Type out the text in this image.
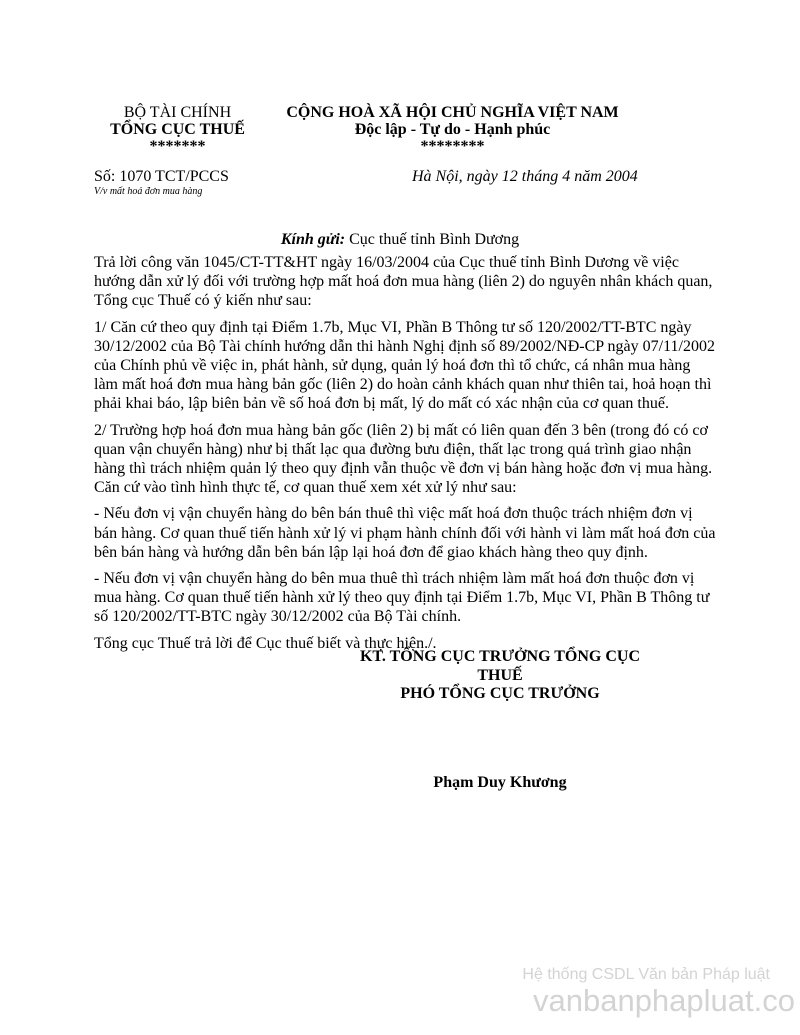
BỘ TÀI CHÍNH
TỔNG CỤC THUẾ
*******
CỘNG HOÀ XÃ HỘI CHỦ NGHĨA VIỆT NAM
Độc lập - Tự do - Hạnh phúc
********
Số: 1070 TCT/PCCS
V/v mất hoá đơn mua hàng
Hà Nội, ngày 12 tháng 4 năm 2004
Kính gửi: Cục thuế tỉnh Bình Dương

Trả lời công văn 1045/CT-TT&HT ngày 16/03/2004 của Cục thuế tỉnh Bình Dương về việc hướng dẫn xử lý đối với trường hợp mất hoá đơn mua hàng (liên 2) do nguyên nhân khách quan, Tổng cục Thuế có ý kiến như sau:

1/ Căn cứ theo quy định tại Điểm 1.7b, Mục VI, Phần B Thông tư số 120/2002/TT-BTC ngày 30/12/2002 của Bộ Tài chính hướng dẫn thi hành Nghị định số 89/2002/NĐ-CP ngày 07/11/2002 của Chính phủ về việc in, phát hành, sử dụng, quản lý hoá đơn thì tổ chức, cá nhân mua hàng làm mất hoá đơn mua hàng bản gốc (liên 2) do hoàn cảnh khách quan như thiên tai, hoả hoạn thì phải khai báo, lập biên bản về số hoá đơn bị mất, lý do mất có xác nhận của cơ quan thuế.

2/ Trường hợp hoá đơn mua hàng bản gốc (liên 2) bị mất có liên quan đến 3 bên (trong đó có cơ quan vận chuyển hàng) như bị thất lạc qua đường bưu điện, thất lạc trong quá trình giao nhận hàng thì trách nhiệm quản lý theo quy định vẫn thuộc về đơn vị bán hàng hoặc đơn vị mua hàng. Căn cứ vào tình hình thực tế, cơ quan thuế xem xét xử lý như sau:

- Nếu đơn vị vận chuyển hàng do bên bán thuê thì việc mất hoá đơn thuộc trách nhiệm đơn vị bán hàng. Cơ quan thuế tiến hành xử lý vi phạm hành chính đối với hành vi làm mất hoá đơn của bên bán hàng và hướng dẫn bên bán lập lại hoá đơn để giao khách hàng theo quy định.

- Nếu đơn vị vận chuyển hàng do bên mua thuê thì trách nhiệm làm mất hoá đơn thuộc đơn vị mua hàng. Cơ quan thuế tiến hành xử lý theo quy định tại Điểm 1.7b, Mục VI, Phần B Thông tư số 120/2002/TT-BTC ngày 30/12/2002 của Bộ Tài chính.

Tổng cục Thuế trả lời để Cục thuế biết và thực hiện./.

KT. TỔNG CỤC TRƯỞNG TỔNG CỤC
THUẾ
PHÓ TỔNG CỤC TRƯỞNG
Phạm Duy Khương
Hệ thống CSDL Văn bản Pháp luật
vanbanphapluat.co
